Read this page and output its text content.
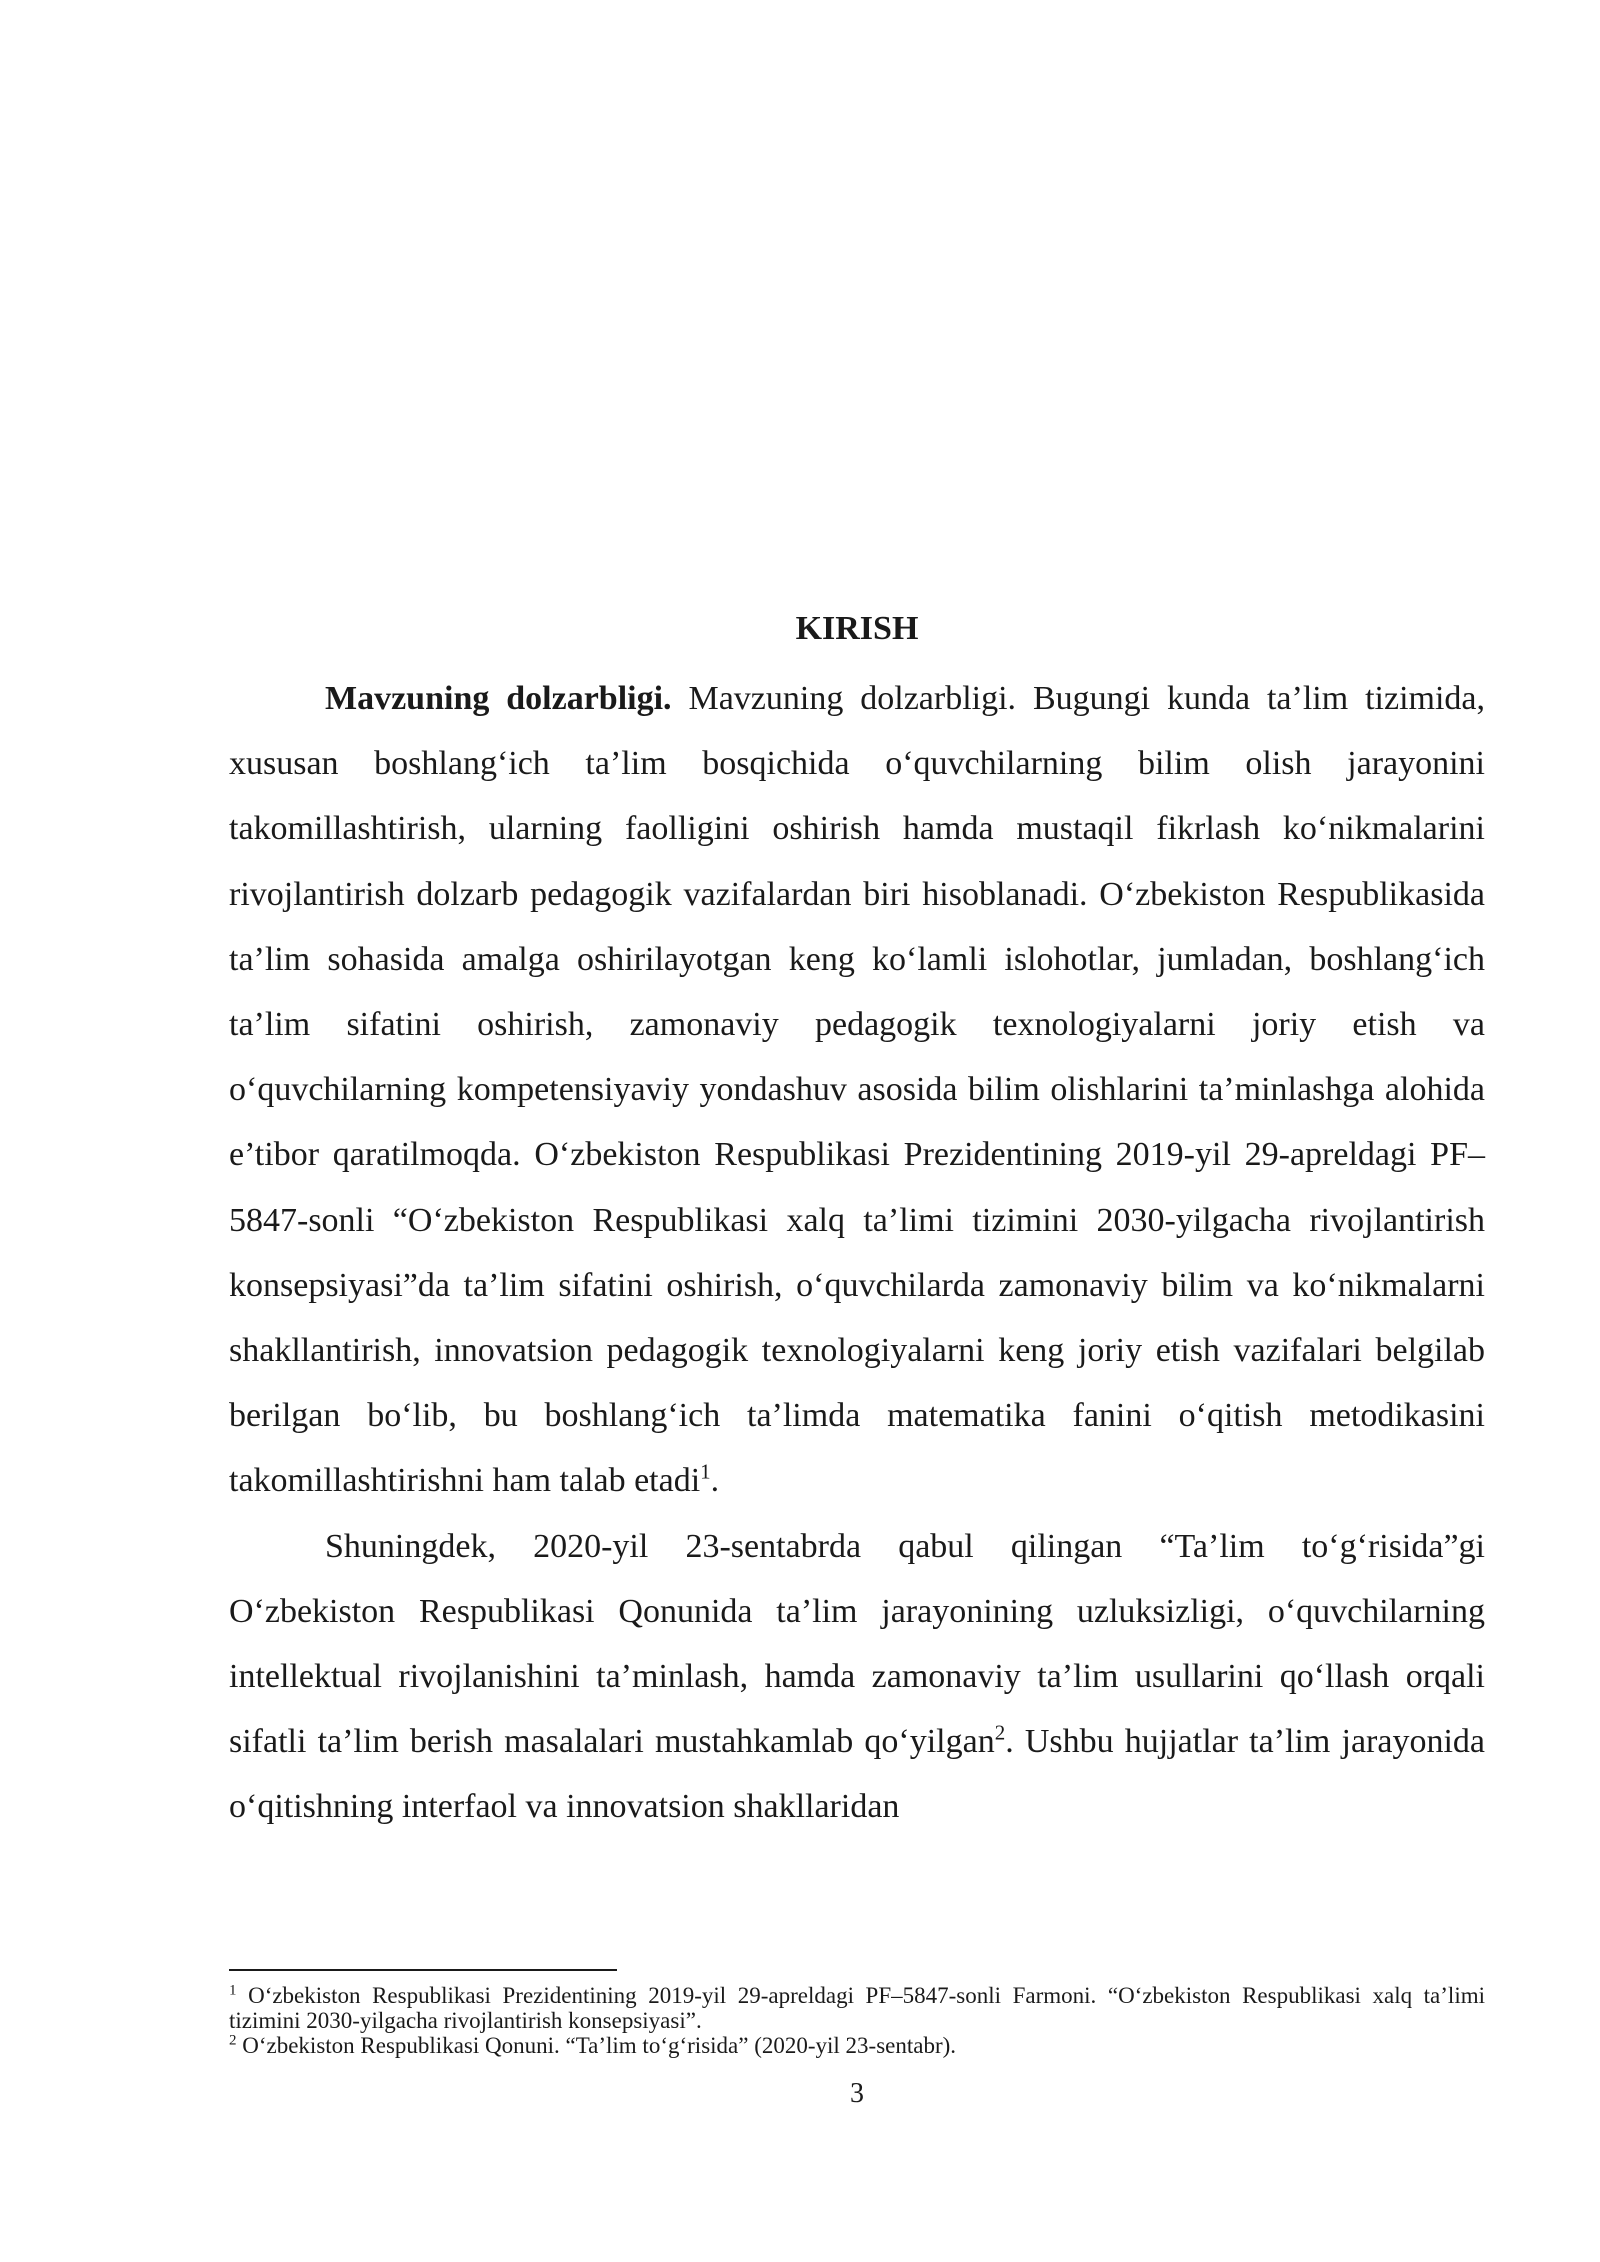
KIRISH

Mavzuning dolzarbligi. Mavzuning dolzarbligi. Bugungi kunda ta’lim tizimida, xususan boshlang‘ich ta’lim bosqichida o‘quvchilarning bilim olish jarayonini takomillashtirish, ularning faolligini oshirish hamda mustaqil fikrlash ko‘nikmalarini rivojlantirish dolzarb pedagogik vazifalardan biri hisoblanadi. O‘zbekiston Respublikasida ta’lim sohasida amalga oshirilayotgan keng ko‘lamli islohotlar, jumladan, boshlang‘ich ta’lim sifatini oshirish, zamonaviy pedagogik texnologiyalarni joriy etish va o‘quvchilarning kompetensiyaviy yondashuv asosida bilim olishlarini ta’minlashga alohida e’tibor qaratilmoqda. O‘zbekiston Respublikasi Prezidentining 2019-yil 29-apreldagi PF–5847-sonli “O‘zbekiston Respublikasi xalq ta’limi tizimini 2030-yilgacha rivojlantirish konsepsiyasi”da ta’lim sifatini oshirish, o‘quvchilarda zamonaviy bilim va ko‘nikmalarni shakllantirish, innovatsion pedagogik texnologiyalarni keng joriy etish vazifalari belgilab berilgan bo‘lib, bu boshlang‘ich ta’limda matematika fanini o‘qitish metodikasini takomillashtirishni ham talab etadi$^1$.

Shuningdek, 2020-yil 23-sentabrda qabul qilingan “Ta’lim to‘g‘risida”gi O‘zbekiston Respublikasi Qonunida ta’lim jarayonining uzluksizligi, o‘quvchilarning intellektual rivojlanishini ta’minlash, hamda zamonaviy ta’lim usullarini qo‘llash orqali sifatli ta’lim berish masalalari mustahkamlab qo‘yilgan$^2$. Ushbu hujjatlar ta’lim jarayonida o‘qitishning interfaol va innovatsion shakllaridan

$^1$ O‘zbekiston Respublikasi Prezidentining 2019-yil 29-apreldagi PF–5847-sonli Farmoni. “O‘zbekiston Respublikasi xalq ta’limi tizimini 2030-yilgacha rivojlantirish konsepsiyasi”.

$^2$ O‘zbekiston Respublikasi Qonuni. “Ta’lim to‘g‘risida” (2020-yil 23-sentabr).

3
